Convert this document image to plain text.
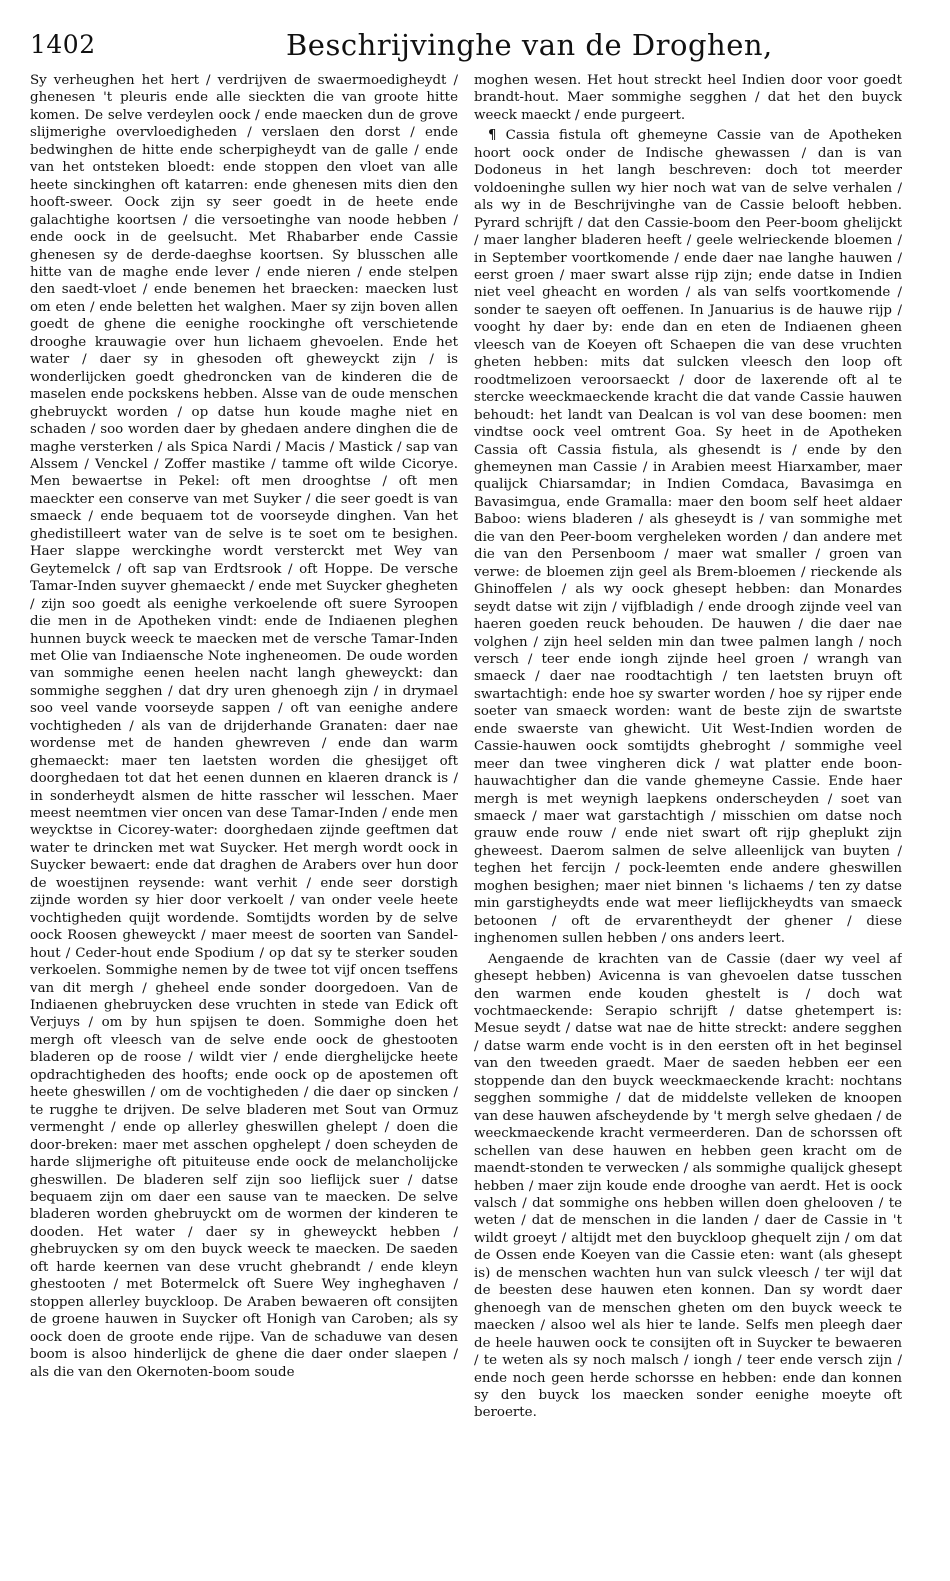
1402	Beschrijvinghe van de Droghen,

Sy verheughen het hert / verdrijven de swaermoedigheydt / ghenesen 't pleuris ende alle sieckten die van groote hitte komen. De selve verdeylen oock / ende maecken dun de grove slijmerighe overvloedigheden / verslaen den dorst / ende bedwinghen de hitte ende scherpigheydt van de galle / ende van het ontsteken bloedt: ende stoppen den vloet van alle heete sinckinghen oft katarren: ende ghenesen mits dien den hooft-sweer. Oock zijn sy seer goedt in de heete ende galachtighe koortsen / die versoetinghe van noode hebben / ende oock in de geelsucht. Met Rhabarber ende Cassie ghenesen sy de derde-daeghse koortsen. Sy blusschen alle hitte van de maghe ende lever / ende nieren / ende stelpen den saedt-vloet / ende benemen het braecken: maecken lust om eten / ende beletten het walghen. Maer sy zijn boven allen goedt de ghene die eenighe roockinghe oft verschietende drooghe krauwagie over hun lichaem ghevoelen. Ende het water / daer sy in ghesoden oft gheweyckt zijn / is wonderlijcken goedt ghedroncken van de kinderen die de maselen ende pockskens hebben. Alsse van de oude menschen ghebruyckt worden / op datse hun koude maghe niet en schaden / soo worden daer by ghedaen andere dinghen die de maghe versterken / als Spica Nardi / Macis / Mastick / sap van Alssem / Venckel / Zoffer mastike / tamme oft wilde Cicorye. Men bewaertse in Pekel: oft men drooghtse / oft men maeckter een conserve van met Suyker / die seer goedt is van smaeck / ende bequaem tot de voorseyde dinghen. Van het ghedistilleert water van de selve is te soet om te besighen. Haer slappe werckinghe wordt versterckt met Wey van Geytemelck / oft sap van Erdtsrook / oft Hoppe. De versche Tamar-Inden suyver ghemaeckt / ende met Suycker ghegheten / zijn soo goedt als eenighe verkoelende oft suere Syroopen die men in de Apotheken vindt: ende de Indiaenen pleghen hunnen buyck weeck te maecken met de versche Tamar-Inden met Olie van Indiaensche Note ingheneomen. De oude worden van sommighe eenen heelen nacht langh gheweyckt: dan sommighe segghen / dat dry uren ghenoegh zijn / in drymael soo veel vande voorseyde sappen / oft van eenighe andere vochtigheden / als van de drijderhande Granaten: daer nae wordense met de handen ghewreven / ende dan warm ghemaeckt: maer ten laetsten worden die ghesijget oft doorghedaen tot dat het eenen dunnen en klaeren dranck is / in sonderheydt alsmen de hitte rasscher wil lesschen. Maer meest neemtmen vier oncen van dese Tamar-Inden / ende men weycktse in Cicorey-water: doorghedaen zijnde geeftmen dat water te drincken met wat Suycker. Het mergh wordt oock in Suycker bewaert: ende dat draghen de Arabers over hun door de woestijnen reysende: want verhit / ende seer dorstigh zijnde worden sy hier door verkoelt / van onder veele heete vochtigheden quijt wordende. Somtijdts worden by de selve oock Roosen gheweyckt / maer meest de soorten van Sandel-hout / Ceder-hout ende Spodium / op dat sy te sterker souden verkoelen. Sommighe nemen by de twee tot vijf oncen tseffens van dit mergh / gheheel ende sonder doorgedoen. Van de Indiaenen ghebruycken dese vruchten in stede van Edick oft Verjuys / om by hun spijsen te doen. Sommighe doen het mergh oft vleesch van de selve ende oock de ghestooten bladeren op de roose / wildt vier / ende dierghelijcke heete opdrachtigheden des hoofts; ende oock op de apostemen oft heete gheswillen / om de vochtigheden / die daer op sincken / te rugghe te drijven. De selve bladeren met Sout van Ormuz vermenght / ende op allerley gheswillen ghelept / doen die door-breken: maer met asschen opghelept / doen scheyden de harde slijmerighe oft pituiteuse ende oock de melancholijcke gheswillen. De bladeren self zijn soo lieflijck suer / datse bequaem zijn om daer een sause van te maecken. De selve bladeren worden ghebruyckt om de wormen der kinderen te dooden. Het water / daer sy in gheweyckt hebben / ghebruycken sy om den buyck weeck te maecken. De saeden oft harde keernen van dese vrucht ghebrandt / ende kleyn ghestooten / met Botermelck oft Suere Wey ingheghaven / stoppen allerley buyckloop. De Araben bewaeren oft consijten de groene hauwen in Suycker oft Honigh van Caroben; als sy oock doen de groote ende rijpe. Van de schaduwe van desen boom is alsoo hinderlijck de ghene die daer onder slaepen / als die van den Okernoten-boom soude

moghen wesen. Het hout streckt heel Indien door voor goedt brandt-hout. Maer sommighe segghen / dat het den buyck weeck maeckt / ende purgeert.

¶ Cassia fistula oft ghemeyne Cassie van de Apotheken hoort oock onder de Indische ghewassen / dan is van Dodoneus in het langh beschreven: doch tot meerder voldoeninghe sullen wy hier noch wat van de selve verhalen / als wy in de Beschrijvinghe van de Cassie belooft hebben. Pyrard schrijft / dat den Cassie-boom den Peer-boom ghelijckt / maer langher bladeren heeft / geele welrieckende bloemen / in September voortkomende / ende daer nae langhe hauwen / eerst groen / maer swart alsse rijp zijn; ende datse in Indien niet veel gheacht en worden / als van selfs voortkomende / sonder te saeyen oft oeffenen. In Januarius is de hauwe rijp / vooght hy daer by: ende dan en eten de Indiaenen gheen vleesch van de Koeyen oft Schaepen die van dese vruchten gheten hebben: mits dat sulcken vleesch den loop oft roodtmelizoen veroorsaeckt / door de laxerende oft al te stercke weeckmaeckende kracht die dat vande Cassie hauwen behoudt: het landt van Dealcan is vol van dese boomen: men vindtse oock veel omtrent Goa. Sy heet in de Apotheken Cassia oft Cassia fistula, als ghesendt is / ende by den ghemeynen man Cassie / in Arabien meest Hiarxamber, maer qualijck Chiarsamdar; in Indien Comdaca, Bavasimga en Bavasimgua, ende Gramalla: maer den boom self heet aldaer Baboo: wiens bladeren / als gheseydt is / van sommighe met die van den Peer-boom vergheleken worden / dan andere met die van den Persenboom / maer wat smaller / groen van verwe: de bloemen zijn geel als Brem-bloemen / rieckende als Ghinoffelen / als wy oock ghesept hebben: dan Monardes seydt datse wit zijn / vijfbladigh / ende droogh zijnde veel van haeren goeden reuck behouden. De hauwen / die daer nae volghen / zijn heel selden min dan twee palmen langh / noch versch / teer ende iongh zijnde heel groen / wrangh van smaeck / daer nae roodtachtigh / ten laetsten bruyn oft swartachtigh: ende hoe sy swarter worden / hoe sy rijper ende soeter van smaeck worden: want de beste zijn de swartste ende swaerste van ghewicht. Uit West-Indien worden de Cassie-hauwen oock somtijdts ghebroght / sommighe veel meer dan twee vingheren dick / wat platter ende boon-hauwachtigher dan die vande ghemeyne Cassie. Ende haer mergh is met weynigh laepkens onderscheyden / soet van smaeck / maer wat garstachtigh / misschien om datse noch grauw ende rouw / ende niet swart oft rijp gheplukt zijn gheweest. Daerom salmen de selve alleenlijck van buyten / teghen het fercijn / pock-leemten ende andere gheswillen moghen besighen; maer niet binnen 's lichaems / ten zy datse min garstigheydts ende wat meer lieflijckheydts van smaeck betoonen / oft de ervarentheydt der ghener / diese inghenomen sullen hebben / ons anders leert.

Aengaende de krachten van de Cassie (daer wy veel af ghesept hebben) Avicenna is van ghevoelen datse tusschen den warmen ende kouden ghestelt is / doch wat vochtmaeckende: Serapio schrijft / datse ghetempert is: Mesue seydt / datse wat nae de hitte streckt: andere segghen / datse warm ende vocht is in den eersten oft in het beginsel van den tweeden graedt. Maer de saeden hebben eer een stoppende dan den buyck weeckmaeckende kracht: nochtans segghen sommighe / dat de middelste velleken de knoopen van dese hauwen afscheydende by 't mergh selve ghedaen / de weeckmaeckende kracht vermeerderen. Dan de schorssen oft schellen van dese hauwen en hebben geen kracht om de maendt-stonden te verwecken / als sommighe qualijck ghesept hebben / maer zijn koude ende drooghe van aerdt. Het is oock valsch / dat sommighe ons hebben willen doen ghelooven / te weten / dat de menschen in die landen / daer de Cassie in 't wildt groeyt / altijdt met den buyckloop ghequelt zijn / om dat de Ossen ende Koeyen van die Cassie eten: want (als ghesept is) de menschen wachten hun van sulck vleesch / ter wijl dat de beesten dese hauwen eten konnen. Dan sy wordt daer ghenoegh van de menschen gheten om den buyck weeck te maecken / alsoo wel als hier te lande. Selfs men pleegh daer de heele hauwen oock te consijten oft in Suycker te bewaeren / te weten als sy noch malsch / iongh / teer ende versch zijn / ende noch geen herde schorsse en hebben: ende dan konnen sy den buyck los maecken sonder eenighe moeyte oft beroerte.
